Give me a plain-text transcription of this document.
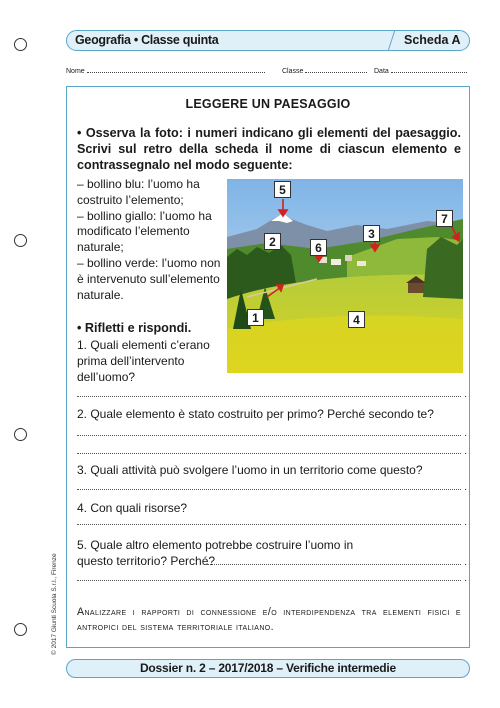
Geografia • Classe quinta	Scheda A
Nome	Classe	Data
LEGGERE UN PAESAGGIO
• Osserva la foto: i numeri indicano gli elementi del paesaggio. Scrivi sul retro della scheda il nome di ciascun elemento e contrassegnalo nel modo seguente:
– bollino blu: l’uomo ha costruito l’elemento;
– bollino giallo: l’uomo ha modificato l’elemento naturale;
– bollino verde: l’uomo non è intervenuto sull’elemento naturale.
5
2	6
3
7
1	4
• Rifletti e rispondi.
1. Quali elementi c’erano prima dell’intervento dell’uomo?
.
2. Quale elemento è stato costruito per primo? Perché secondo te?
.
.
3. Quali attività può svolgere l’uomo in un territorio come questo?
.
4. Con quali risorse?
.
5. Quale altro elemento potrebbe costruire l’uomo in questo territorio? Perché?
.
.
Analizzare i rapporti di connessione e/o interdipendenza tra elementi fisici e antropici del sistema territoriale italiano.
© 2017 Giunti Scuola S.r.l., Firenze
Dossier n. 2 – 2017/2018 – Verifiche intermedie
